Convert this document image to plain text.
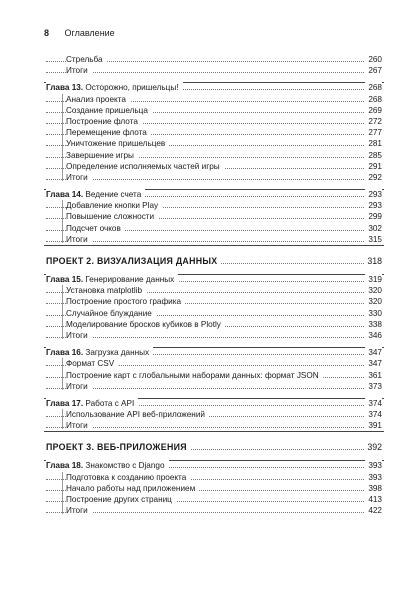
8 Оглавление
Стрельба	260
Итоги	267
Глава 13. Осторожно, пришельцы!	268
Анализ проекта	268
Создание пришельца	269
Построение флота	272
Перемещение флота	277
Уничтожение пришельцев	281
Завершение игры	285
Определение исполняемых частей игры	291
Итоги	292
Глава 14. Ведение счета	293
Добавление кнопки Play	293
Повышение сложности	299
Подсчет очков	302
Итоги	315
ПРОЕКТ 2. ВИЗУАЛИЗАЦИЯ ДАННЫХ	318
Глава 15. Генерирование данных	319
Установка matplotlib	320
Построение простого графика	320
Случайное блуждание	330
Моделирование бросков кубиков в Plotly	338
Итоги	346
Глава 16. Загрузка данных	347
Формат CSV	347
Построение карт с глобальными наборами данных: формат JSON	361
Итоги	373
Глава 17. Работа с API	374
Использование API веб-приложений	374
Итоги	391
ПРОЕКТ 3. ВЕБ-ПРИЛОЖЕНИЯ	392
Глава 18. Знакомство с Django	393
Подготовка к созданию проекта	393
Начало работы над приложением	398
Построение других страниц	413
Итоги	422
